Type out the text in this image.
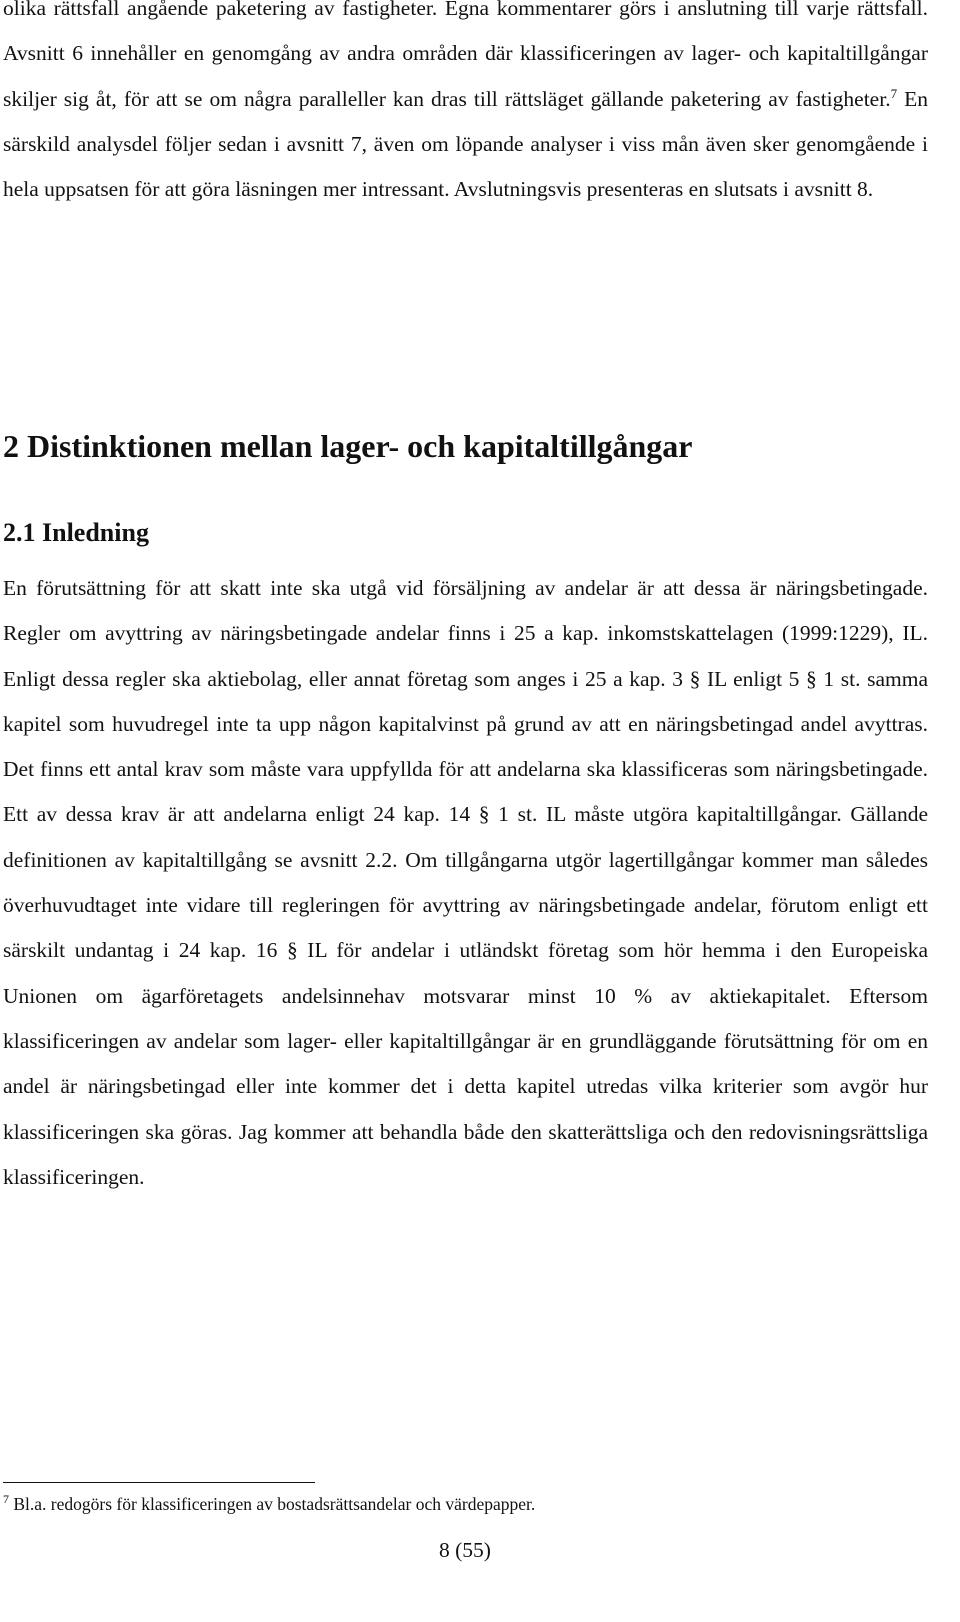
olika rättsfall angående paketering av fastigheter. Egna kommentarer görs i anslutning till varje rättsfall. Avsnitt 6 innehåller en genomgång av andra områden där klassificeringen av lager- och kapitaltillgångar skiljer sig åt, för att se om några paralleller kan dras till rättsläget gällande paketering av fastigheter.$^7$ En särskild analysdel följer sedan i avsnitt 7, även om löpande analyser i viss mån även sker genomgående i hela uppsatsen för att göra läsningen mer intressant. Avslutningsvis presenteras en slutsats i avsnitt 8.

2 Distinktionen mellan lager- och kapitaltillgångar
2.1 Inledning

En förutsättning för att skatt inte ska utgå vid försäljning av andelar är att dessa är näringsbetingade. Regler om avyttring av näringsbetingade andelar finns i 25 a kap. inkomstskattelagen (1999:1229), IL. Enligt dessa regler ska aktiebolag, eller annat företag som anges i 25 a kap. 3 § IL enligt 5 § 1 st. samma kapitel som huvudregel inte ta upp någon kapitalvinst på grund av att en näringsbetingad andel avyttras. Det finns ett antal krav som måste vara uppfyllda för att andelarna ska klassificeras som näringsbetingade. Ett av dessa krav är att andelarna enligt 24 kap. 14 § 1 st. IL måste utgöra kapitaltillgångar. Gällande definitionen av kapitaltillgång se avsnitt 2.2. Om tillgångarna utgör lagertillgångar kommer man således överhuvudtaget inte vidare till regleringen för avyttring av näringsbetingade andelar, förutom enligt ett särskilt undantag i 24 kap. 16 § IL för andelar i utländskt företag som hör hemma i den Europeiska Unionen om ägarföretagets andelsinnehav motsvarar minst 10 % av aktiekapitalet. Eftersom klassificeringen av andelar som lager- eller kapitaltillgångar är en grundläggande förutsättning för om en andel är näringsbetingad eller inte kommer det i detta kapitel utredas vilka kriterier som avgör hur klassificeringen ska göras. Jag kommer att behandla både den skatterättsliga och den redovisningsrättsliga klassificeringen.

$^7$ Bl.a. redogörs för klassificeringen av bostadsrättsandelar och värdepapper.

8 (55)
